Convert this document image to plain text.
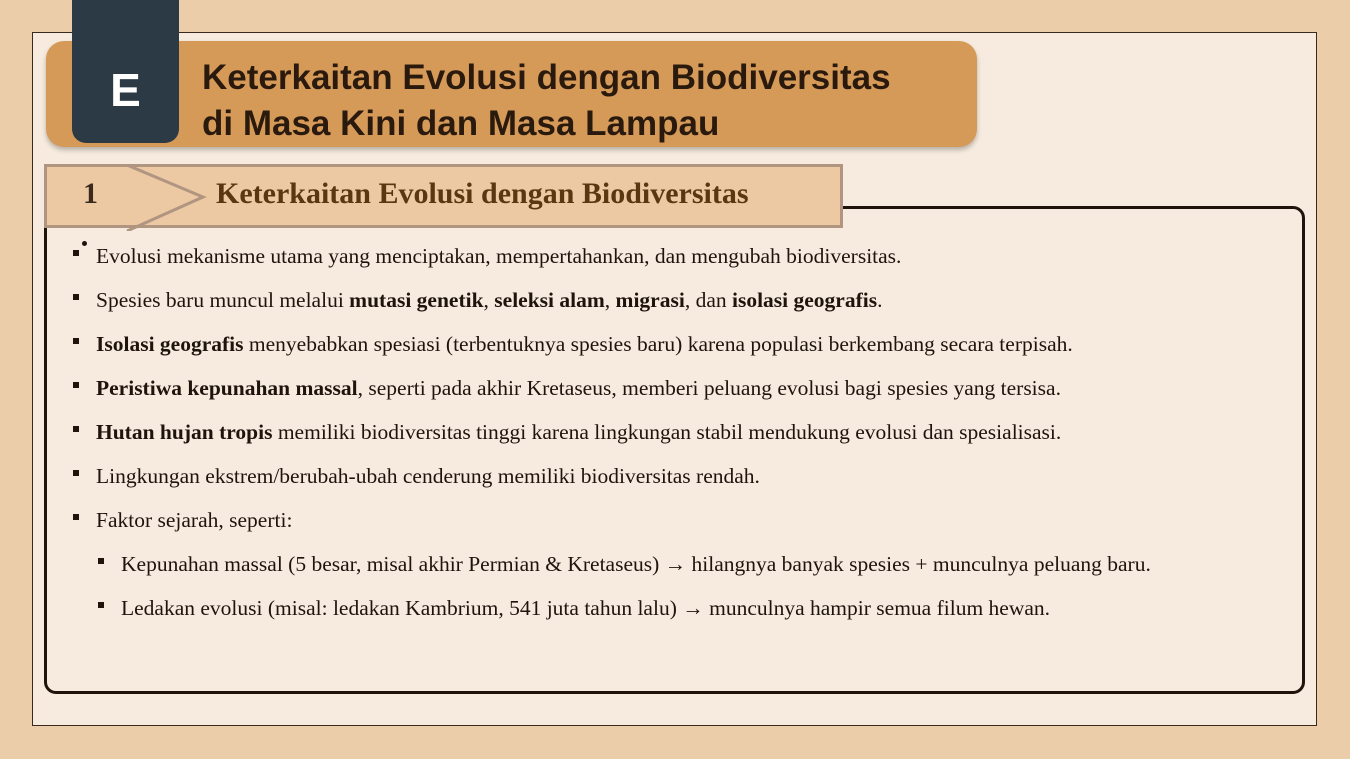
E Keterkaitan Evolusi dengan Biodiversitas
di Masa Kini dan Masa Lampau
1	Keterkaitan Evolusi dengan Biodiversitas
Evolusi mekanisme utama yang menciptakan, mempertahankan, dan mengubah biodiversitas.
Spesies baru muncul melalui mutasi genetik, seleksi alam, migrasi, dan isolasi geografis.
Isolasi geografis menyebabkan spesiasi (terbentuknya spesies baru) karena populasi berkembang secara terpisah.
Peristiwa kepunahan massal, seperti pada akhir Kretaseus, memberi peluang evolusi bagi spesies yang tersisa.
Hutan hujan tropis memiliki biodiversitas tinggi karena lingkungan stabil mendukung evolusi dan spesialisasi.
Lingkungan ekstrem/berubah-ubah cenderung memiliki biodiversitas rendah.
Faktor sejarah, seperti:
Kepunahan massal (5 besar, misal akhir Permian & Kretaseus) → hilangnya banyak spesies + munculnya peluang baru.
Ledakan evolusi (misal: ledakan Kambrium, 541 juta tahun lalu) → munculnya hampir semua filum hewan.
